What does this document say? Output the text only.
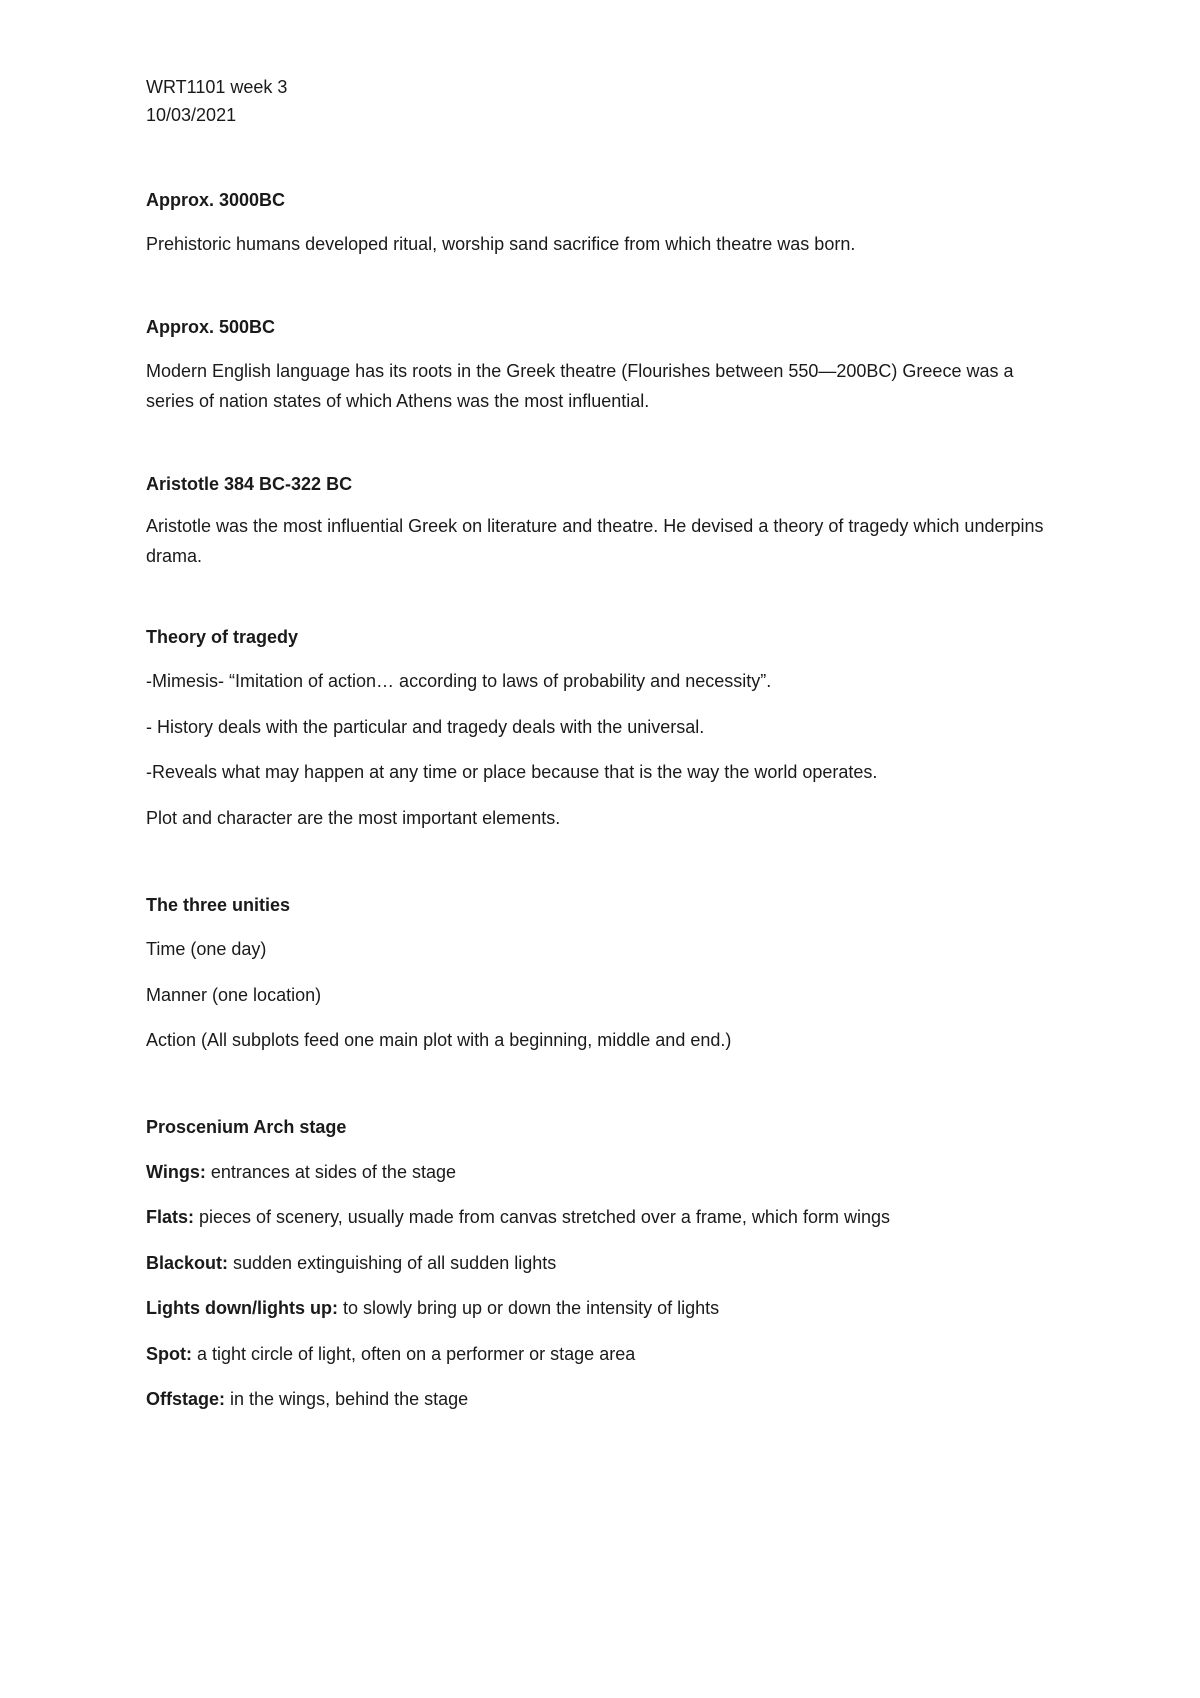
WRT1101 week 3

10/03/2021

Approx. 3000BC

Prehistoric humans developed ritual, worship sand sacrifice from which theatre was born.

Approx. 500BC

Modern English language has its roots in the Greek theatre (Flourishes between 550—200BC) Greece was a series of nation states of which Athens was the most influential.

Aristotle 384 BC-322 BC

Aristotle was the most influential Greek on literature and theatre. He devised a theory of tragedy which underpins drama.

Theory of tragedy

-Mimesis- “Imitation of action… according to laws of probability and necessity”.

- History deals with the particular and tragedy deals with the universal.

-Reveals what may happen at any time or place because that is the way the world operates.

Plot and character are the most important elements.

The three unities

Time (one day)

Manner (one location)

Action (All subplots feed one main plot with a beginning, middle and end.)

Proscenium Arch stage

Wings: entrances at sides of the stage

Flats: pieces of scenery, usually made from canvas stretched over a frame, which form wings

Blackout: sudden extinguishing of all sudden lights

Lights down/lights up: to slowly bring up or down the intensity of lights

Spot: a tight circle of light, often on a performer or stage area

Offstage: in the wings, behind the stage
